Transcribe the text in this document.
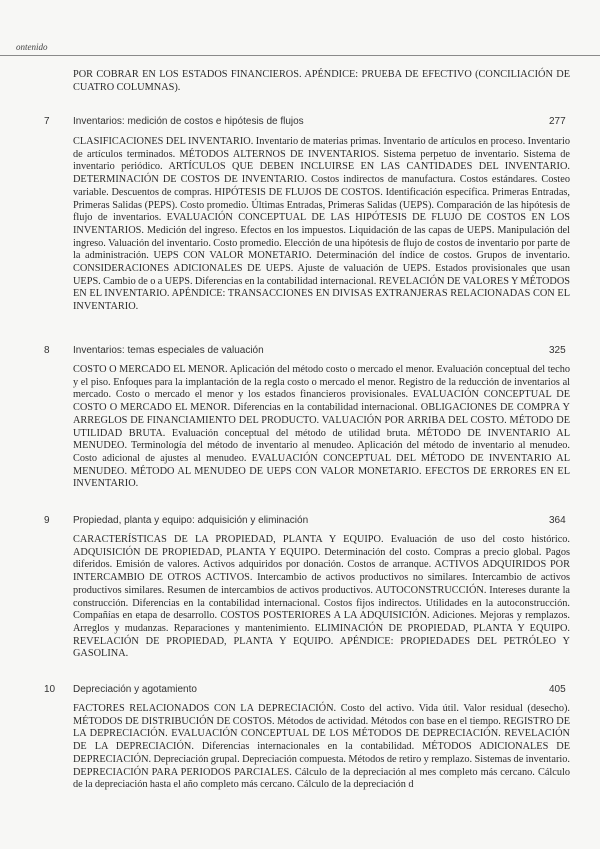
ontenido
POR COBRAR EN LOS ESTADOS FINANCIEROS. APÉNDICE: PRUEBA DE EFECTIVO (CONCILIACIÓN DE CUATRO COLUMNAS).
7 Inventarios: medición de costos e hipótesis de flujos	277
CLASIFICACIONES DEL INVENTARIO. Inventario de materias primas. Inventario de artículos en proceso. Inventario de artículos terminados. MÉTODOS ALTERNOS DE INVENTARIOS. Sistema perpetuo de inventario. Sistema de inventario periódico. ARTÍCULOS QUE DEBEN INCLUIRSE EN LAS CANTIDADES DEL INVENTARIO. DETERMINACIÓN DE COSTOS DE INVENTARIO. Costos indirectos de manufactura. Costos estándares. Costeo variable. Descuentos de compras. HIPÓTESIS DE FLUJOS DE COSTOS. Identificación específica. Primeras Entradas, Primeras Salidas (PEPS). Costo promedio. Últimas Entradas, Primeras Salidas (UEPS). Comparación de las hipótesis de flujo de inventarios. EVALUACIÓN CONCEPTUAL DE LAS HIPÓTESIS DE FLUJO DE COSTOS EN LOS INVENTARIOS. Medición del ingreso. Efectos en los impuestos. Liquidación de las capas de UEPS. Manipulación del ingreso. Valuación del inventario. Costo promedio. Elección de una hipótesis de flujo de costos de inventario por parte de la administración. UEPS CON VALOR MONETARIO. Determinación del índice de costos. Grupos de inventario. CONSIDERACIONES ADICIONALES DE UEPS. Ajuste de valuación de UEPS. Estados provisionales que usan UEPS. Cambio de o a UEPS. Diferencias en la contabilidad internacional. REVELACIÓN DE VALORES Y MÉTODOS EN EL INVENTARIO. APÉNDICE: TRANSACCIONES EN DIVISAS EXTRANJERAS RELACIONADAS CON EL INVENTARIO.
8 Inventarios: temas especiales de valuación	325
COSTO O MERCADO EL MENOR. Aplicación del método costo o mercado el menor. Evaluación conceptual del techo y el piso. Enfoques para la implantación de la regla costo o mercado el menor. Registro de la reducción de inventarios al mercado. Costo o mercado el menor y los estados financieros provisionales. EVALUACIÓN CONCEPTUAL DE COSTO O MERCADO EL MENOR. Diferencias en la contabilidad internacional. OBLIGACIONES DE COMPRA Y ARREGLOS DE FINANCIAMIENTO DEL PRODUCTO. VALUACIÓN POR ARRIBA DEL COSTO. MÉTODO DE UTILIDAD BRUTA. Evaluación conceptual del método de utilidad bruta. MÉTODO DE INVENTARIO AL MENUDEO. Terminología del método de inventario al menudeo. Aplicación del método de inventario al menudeo. Costo adicional de ajustes al menudeo. EVALUACIÓN CONCEPTUAL DEL MÉTODO DE INVENTARIO AL MENUDEO. MÉTODO AL MENUDEO DE UEPS CON VALOR MONETARIO. EFECTOS DE ERRORES EN EL INVENTARIO.
9 Propiedad, planta y equipo: adquisición y eliminación	364
CARACTERÍSTICAS DE LA PROPIEDAD, PLANTA Y EQUIPO. Evaluación de uso del costo histórico. ADQUISICIÓN DE PROPIEDAD, PLANTA Y EQUIPO. Determinación del costo. Compras a precio global. Pagos diferidos. Emisión de valores. Activos adquiridos por donación. Costos de arranque. ACTIVOS ADQUIRIDOS POR INTERCAMBIO DE OTROS ACTIVOS. Intercambio de activos productivos no similares. Intercambio de activos productivos similares. Resumen de intercambios de activos productivos. AUTOCONSTRUCCIÓN. Intereses durante la construcción. Diferencias en la contabilidad internacional. Costos fijos indirectos. Utilidades en la autoconstrucción. Compañías en etapa de desarrollo. COSTOS POSTERIORES A LA ADQUISICIÓN. Adiciones. Mejoras y remplazos. Arreglos y mudanzas. Reparaciones y mantenimiento. ELIMINACIÓN DE PROPIEDAD, PLANTA Y EQUIPO. REVELACIÓN DE PROPIEDAD, PLANTA Y EQUIPO. APÉNDICE: PROPIEDADES DEL PETRÓLEO Y GASOLINA.
10 Depreciación y agotamiento	405
FACTORES RELACIONADOS CON LA DEPRECIACIÓN. Costo del activo. Vida útil. Valor residual (desecho). MÉTODOS DE DISTRIBUCIÓN DE COSTOS. Métodos de actividad. Métodos con base en el tiempo. REGISTRO DE LA DEPRECIACIÓN. EVALUACIÓN CONCEPTUAL DE LOS MÉTODOS DE DEPRECIACIÓN. REVELACIÓN DE LA DEPRECIACIÓN. Diferencias internacionales en la contabilidad. MÉTODOS ADICIONALES DE DEPRECIACIÓN. Depreciación grupal. Depreciación compuesta. Métodos de retiro y remplazo. Sistemas de inventario. DEPRECIACIÓN PARA PERIODOS PARCIALES. Cálculo de la depreciación al mes completo más cercano. Cálculo de la depreciación hasta el año completo más cercano. Cálculo de la depreciación d
